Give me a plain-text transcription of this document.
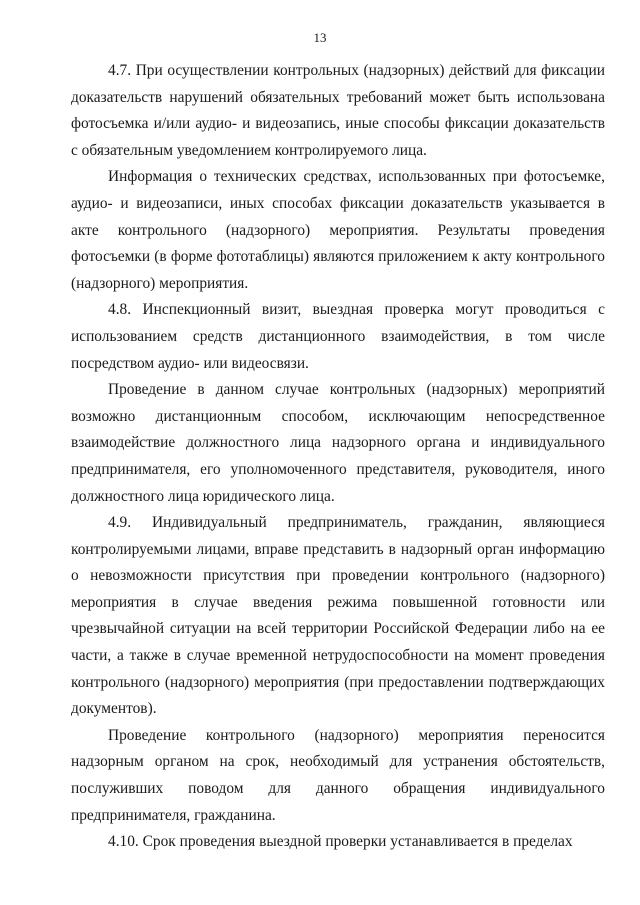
13

4.7. При осуществлении контрольных (надзорных) действий для фиксации доказательств нарушений обязательных требований может быть использована фотосъемка и/или аудио- и видеозапись, иные способы фиксации доказательств с обязательным уведомлением контролируемого лица.

Информация о технических средствах, использованных при фотосъемке, аудио- и видеозаписи, иных способах фиксации доказательств указывается в акте контрольного (надзорного) мероприятия. Результаты проведения фотосъемки (в форме фототаблицы) являются приложением к акту контрольного (надзорного) мероприятия.

4.8. Инспекционный визит, выездная проверка могут проводиться с использованием средств дистанционного взаимодействия, в том числе посредством аудио- или видеосвязи.

Проведение в данном случае контрольных (надзорных) мероприятий возможно дистанционным способом, исключающим непосредственное взаимодействие должностного лица надзорного органа и индивидуального предпринимателя, его уполномоченного представителя, руководителя, иного должностного лица юридического лица.

4.9. Индивидуальный предприниматель, гражданин, являющиеся контролируемыми лицами, вправе представить в надзорный орган информацию о невозможности присутствия при проведении контрольного (надзорного) мероприятия в случае введения режима повышенной готовности или чрезвычайной ситуации на всей территории Российской Федерации либо на ее части, а также в случае временной нетрудоспособности на момент проведения контрольного (надзорного) мероприятия (при предоставлении подтверждающих документов).

Проведение контрольного (надзорного) мероприятия переносится надзорным органом на срок, необходимый для устранения обстоятельств, послуживших поводом для данного обращения индивидуального предпринимателя, гражданина.

4.10. Срок проведения выездной проверки устанавливается в пределах
